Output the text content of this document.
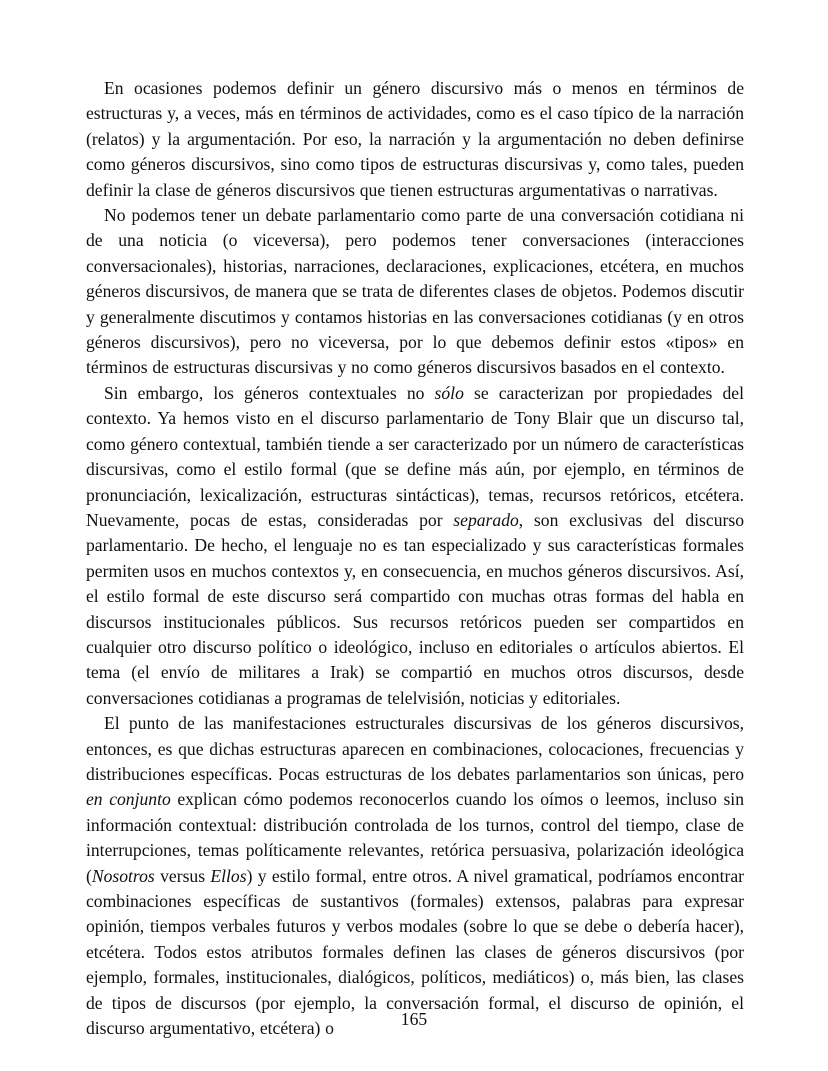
En ocasiones podemos definir un género discursivo más o menos en términos de estructuras y, a veces, más en términos de actividades, como es el caso típico de la narración (relatos) y la argumentación. Por eso, la narración y la argumentación no deben definirse como géneros discursivos, sino como tipos de estructuras discursivas y, como tales, pueden definir la clase de géneros discursivos que tienen estructuras argumentativas o narrativas.

No podemos tener un debate parlamentario como parte de una conversación cotidiana ni de una noticia (o viceversa), pero podemos tener conversaciones (interacciones conversacionales), historias, narraciones, declaraciones, explicaciones, etcétera, en muchos géneros discursivos, de manera que se trata de diferentes clases de objetos. Podemos discutir y generalmente discutimos y contamos historias en las conversaciones cotidianas (y en otros géneros discursivos), pero no viceversa, por lo que debemos definir estos «tipos» en términos de estructuras discursivas y no como géneros discursivos basados en el contexto.

Sin embargo, los géneros contextuales no sólo se caracterizan por propiedades del contexto. Ya hemos visto en el discurso parlamentario de Tony Blair que un discurso tal, como género contextual, también tiende a ser caracterizado por un número de características discursivas, como el estilo formal (que se define más aún, por ejemplo, en términos de pronunciación, lexicalización, estructuras sintácticas), temas, recursos retóricos, etcétera. Nuevamente, pocas de estas, consideradas por separado, son exclusivas del discurso parlamentario. De hecho, el lenguaje no es tan especializado y sus características formales permiten usos en muchos contextos y, en consecuencia, en muchos géneros discursivos. Así, el estilo formal de este discurso será compartido con muchas otras formas del habla en discursos institucionales públicos. Sus recursos retóricos pueden ser compartidos en cualquier otro discurso político o ideológico, incluso en editoriales o artículos abiertos. El tema (el envío de militares a Irak) se compartió en muchos otros discursos, desde conversaciones cotidianas a programas de telelvisión, noticias y editoriales.

El punto de las manifestaciones estructurales discursivas de los géneros discursivos, entonces, es que dichas estructuras aparecen en combinaciones, colocaciones, frecuencias y distribuciones específicas. Pocas estructuras de los debates parlamentarios son únicas, pero en conjunto explican cómo podemos reconocerlos cuando los oímos o leemos, incluso sin información contextual: distribución controlada de los turnos, control del tiempo, clase de interrupciones, temas políticamente relevantes, retórica persuasiva, polarización ideológica (Nosotros versus Ellos) y estilo formal, entre otros. A nivel gramatical, podríamos encontrar combinaciones específicas de sustantivos (formales) extensos, palabras para expresar opinión, tiempos verbales futuros y verbos modales (sobre lo que se debe o debería hacer), etcétera. Todos estos atributos formales definen las clases de géneros discursivos (por ejemplo, formales, institucionales, dialógicos, políticos, mediáticos) o, más bien, las clases de tipos de discursos (por ejemplo, la conversación formal, el discurso de opinión, el discurso argumentativo, etcétera) o	165
